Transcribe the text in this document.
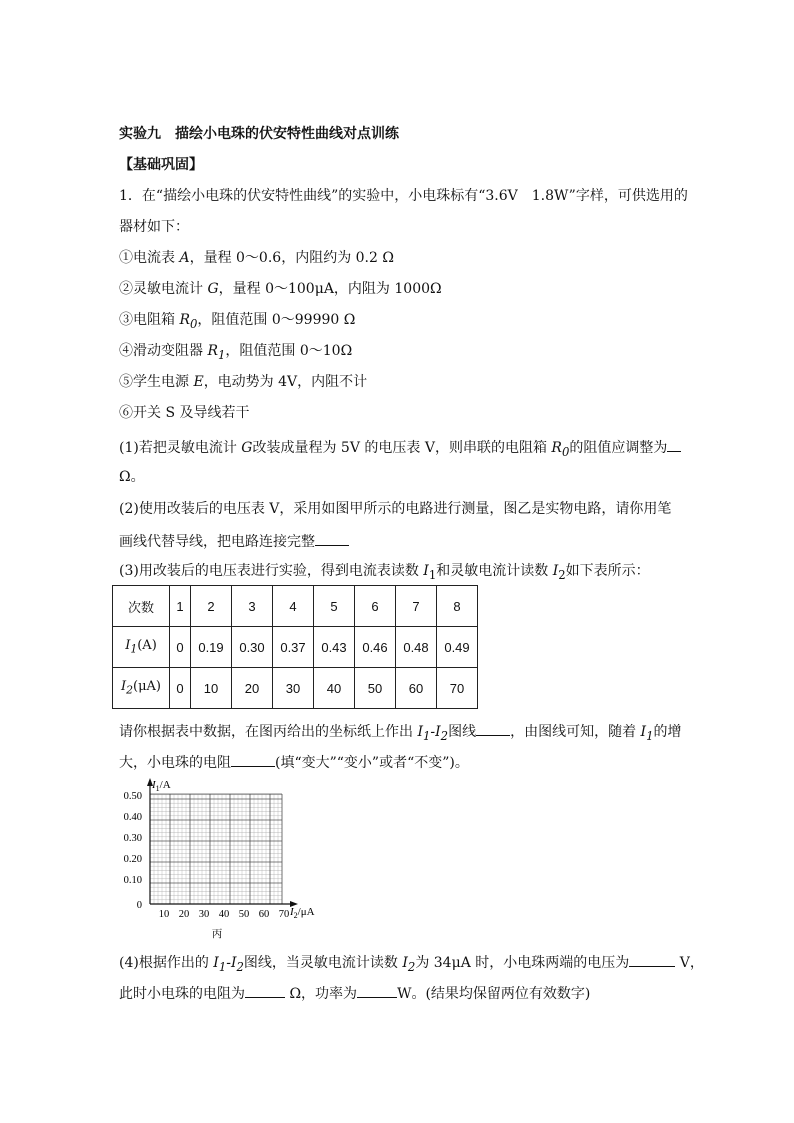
实验九　描绘小电珠的伏安特性曲线对点训练
【基础巩固】
1．在“描绘小电珠的伏安特性曲线”的实验中，小电珠标有“3.6V　1.8W”字样，可供选用的
器材如下：
①电流表 A，量程 0～0.6，内阻约为 0.2 Ω
②灵敏电流计 G，量程 0～100μA，内阻为 1000Ω
③电阻箱 $R_0$，阻值范围 0～99990 Ω
④滑动变阻器 $R_1$，阻值范围 0～10Ω
⑤学生电源 E，电动势为 4V，内阻不计
⑥开关 S 及导线若干
(1)若把灵敏电流计 G改装成量程为 5V 的电压表 V，则串联的电阻箱 $R_0$的阻值应调整为
Ω。
(2)使用改装后的电压表 V，采用如图甲所示的电路进行测量，图乙是实物电路，请你用笔
画线代替导线，把电路连接完整
(3)用改装后的电压表进行实验，得到电流表读数 $I_1$和灵敏电流计读数 $I_2$如下表所示：
次数	1	2	3	4	5	6	7	8
$I_1(A)$	0	0.19	0.30	0.37	0.43	0.46	0.48	0.49
$I_2(\mu A)$	0	10	20	30	40	50	60	70
请你根据表中数据，在图丙给出的坐标纸上作出 $I_1-I_2$图线 ，由图线可知，随着 $I_1$的增
大，小电珠的电阻	(填“变大”“变小”或者“不变”)。
$I_1/A$
$I_2/\mu A$
0.50
0.40
0.30
0.20
0.10
0
10 20 30 40 50 60 70
丙
(4)根据作出的 $I_1-I_2$图线，当灵敏电流计读数 $I_2$为 34μA 时，小电珠两端的电压为	V，
此时小电珠的电阻为	Ω，功率为	W。(结果均保留两位有效数字)
